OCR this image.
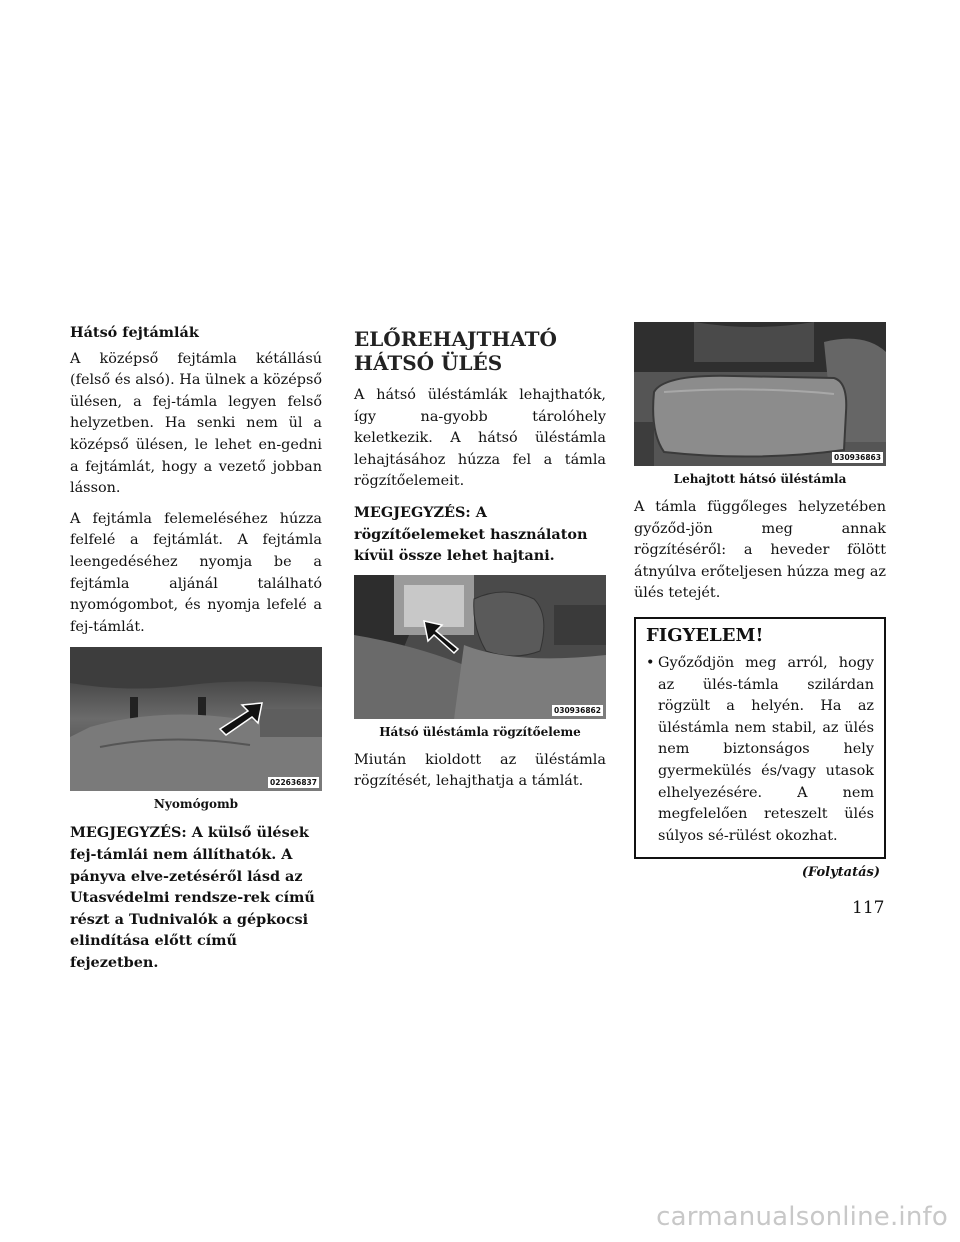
Hátsó fejtámlák

A középső fejtámla kétállású (felső és alsó). Ha ülnek a középső ülésen, a fej-támla legyen felső helyzetben. Ha senki nem ül a középső ülésen, le lehet en-gedni a fejtámlát, hogy a vezető jobban lásson.

A fejtámla felemeléséhez húzza felfelé a fejtámlát. A fejtámla leengedéséhez nyomja be a fejtámla aljánál található nyomógombot, és nyomja lefelé a fej-támlát.

022636837

Nyomógomb

MEGJEGYZÉS: A külső ülések fej-támlái nem állíthatók. A pányva elve-zetéséről lásd az Utasvédelmi rendsze-rek című részt a Tudnivalók a gépkocsi elindítása előtt című fejezetben.

ELŐREHAJTHATÓ
HÁTSÓ ÜLÉS

A hátsó üléstámlák lehajthatók, így na-gyobb tárolóhely keletkezik. A hátsó üléstámla lehajtásához húzza fel a támla rögzítőelemeit.

MEGJEGYZÉS: A rögzítőelemeket használaton kívül össze lehet hajtani.

030936862

Hátsó üléstámla rögzítőeleme

Miután kioldott az üléstámla rögzítését, lehajthatja a támlát.

030936863

Lehajtott hátsó üléstámla

A támla függőleges helyzetében győződ-jön meg annak rögzítéséről: a heveder fölött átnyúlva erőteljesen húzza meg az ülés tetejét.

FIGYELEM!
• Győződjön meg arról, hogy az ülés-támla szilárdan rögzült a helyén. Ha az üléstámla nem stabil, az ülés nem biztonságos hely gyermekülés és/vagy utasok elhelyezésére. A nem megfelelően reteszelt ülés súlyos sé-rülést okozhat.
(Folytatás)
117
carmanualsonline.info
